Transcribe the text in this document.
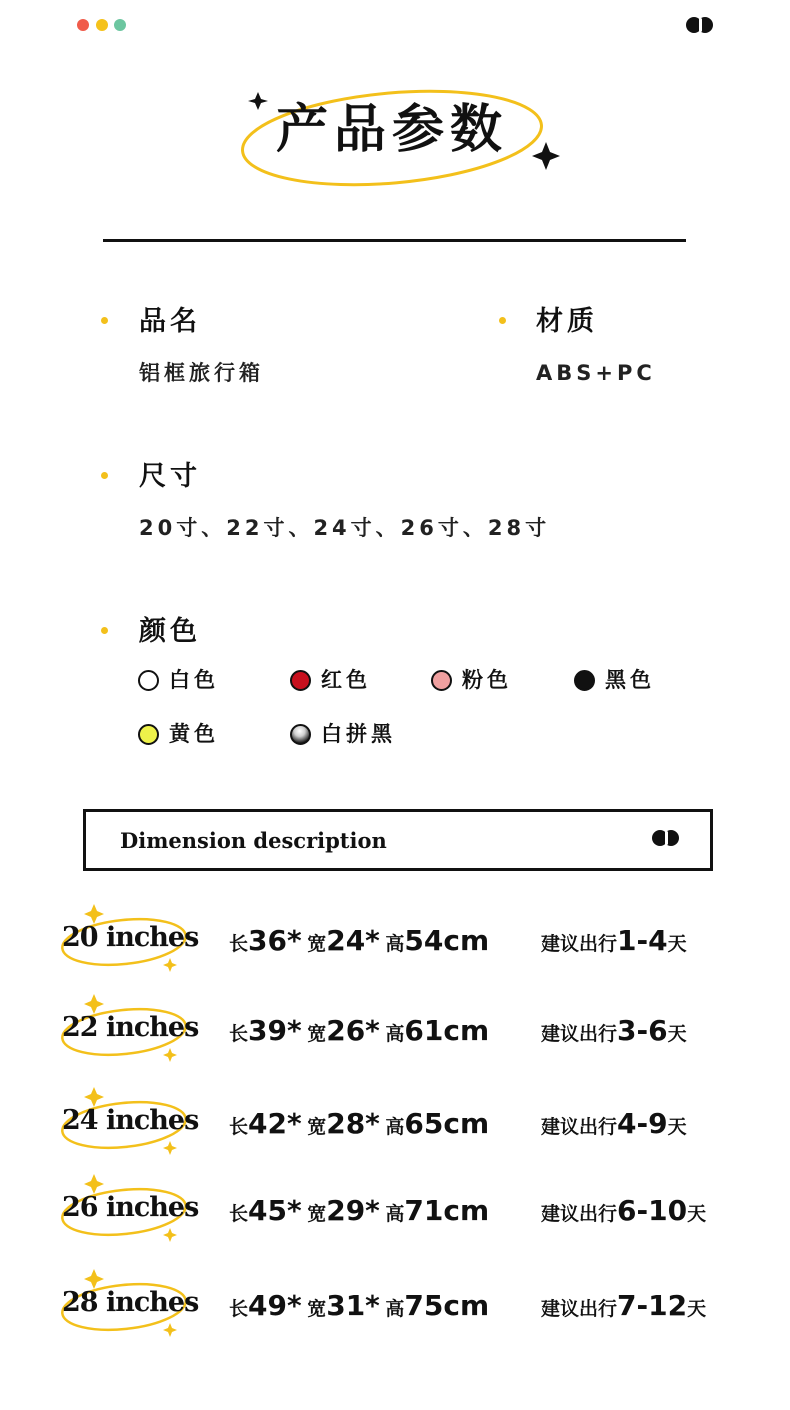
产品参数
品名
铝框旅行箱
材质
ABS+PC
尺寸
20寸、22寸、24寸、26寸、28寸
颜色
白色	红色	粉色	黑色
黄色	白拼黑
Dimension description
20 inches 长36* 宽24* 高54cm	建议出行1-4天
22 inches 长39* 宽26* 高61cm	建议出行3-6天
24 inches 长42* 宽28* 高65cm	建议出行4-9天
26 inches 长45* 宽29* 高71cm	建议出行6-10天
28 inches 长49* 宽31* 高75cm	建议出行7-12天
